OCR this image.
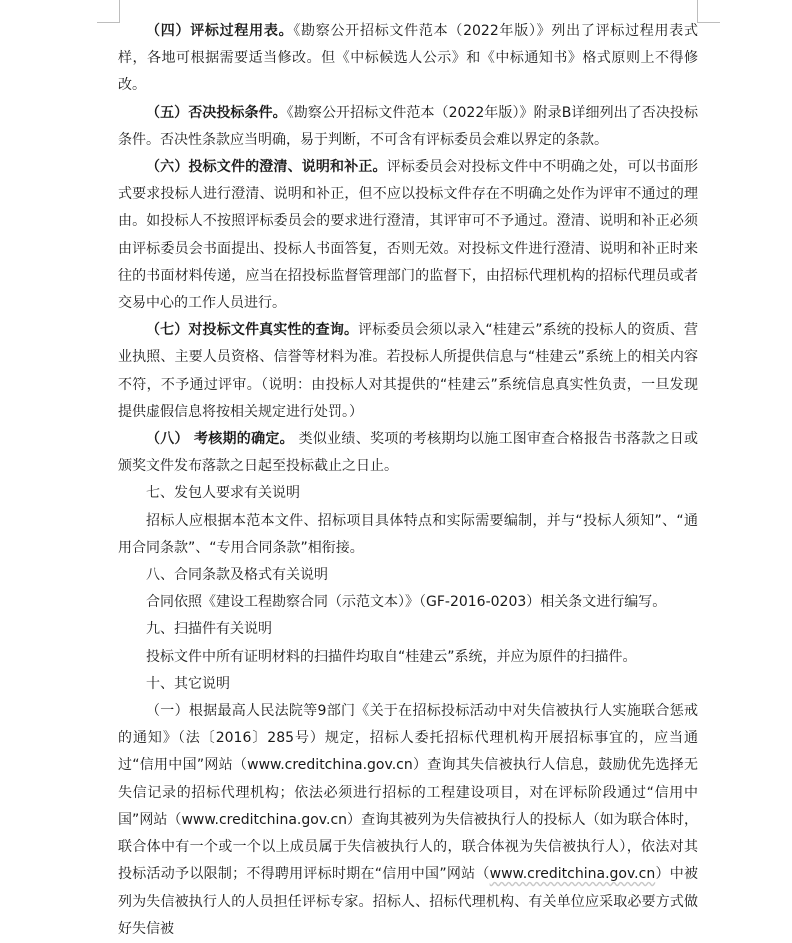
（四）评标过程用表。《勘察公开招标文件范本（2022年版）》列出了评标过程用表式样，各地可根据需要适当修改。但《中标候选人公示》和《中标通知书》格式原则上不得修改。

（五）否决投标条件。《勘察公开招标文件范本（2022年版）》附录B详细列出了否决投标条件。否决性条款应当明确，易于判断，不可含有评标委员会难以界定的条款。

（六）投标文件的澄清、说明和补正。评标委员会对投标文件中不明确之处，可以书面形式要求投标人进行澄清、说明和补正，但不应以投标文件存在不明确之处作为评审不通过的理由。如投标人不按照评标委员会的要求进行澄清，其评审可不予通过。澄清、说明和补正必须由评标委员会书面提出、投标人书面答复，否则无效。对投标文件进行澄清、说明和补正时来往的书面材料传递，应当在招投标监督管理部门的监督下，由招标代理机构的招标代理员或者交易中心的工作人员进行。

（七）对投标文件真实性的查询。评标委员会须以录入“桂建云”系统的投标人的资质、营业执照、主要人员资格、信誉等材料为准。若投标人所提供信息与“桂建云”系统上的相关内容不符，不予通过评审。（说明：由投标人对其提供的“桂建云”系统信息真实性负责，一旦发现提供虚假信息将按相关规定进行处罚。）

（八） 考核期的确定。 类似业绩、奖项的考核期均以施工图审查合格报告书落款之日或颁奖文件发布落款之日起至投标截止之日止。

七、发包人要求有关说明

招标人应根据本范本文件、招标项目具体特点和实际需要编制，并与“投标人须知”、“通用合同条款”、“专用合同条款”相衔接。

八、合同条款及格式有关说明

合同依照《建设工程勘察合同（示范文本）》（GF-2016-0203）相关条文进行编写。

九、扫描件有关说明

投标文件中所有证明材料的扫描件均取自“桂建云”系统，并应为原件的扫描件。

十、其它说明

（一）根据最高人民法院等9部门《关于在招标投标活动中对失信被执行人实施联合惩戒的通知》（法〔2016〕285号）规定，招标人委托招标代理机构开展招标事宜的，应当通过“信用中国”网站（www.creditchina.gov.cn）查询其失信被执行人信息，鼓励优先选择无失信记录的招标代理机构；依法必须进行招标的工程建设项目，对在评标阶段通过“信用中国”网站（www.creditchina.gov.cn）查询其被列为失信被执行人的投标人（如为联合体时，联合体中有一个或一个以上成员属于失信被执行人的，联合体视为失信被执行人），依法对其投标活动予以限制；不得聘用评标时期在“信用中国”网站（www.creditchina.gov.cn）中被列为失信被执行人的人员担任评标专家。招标人、招标代理机构、有关单位应采取必要方式做好失信被
